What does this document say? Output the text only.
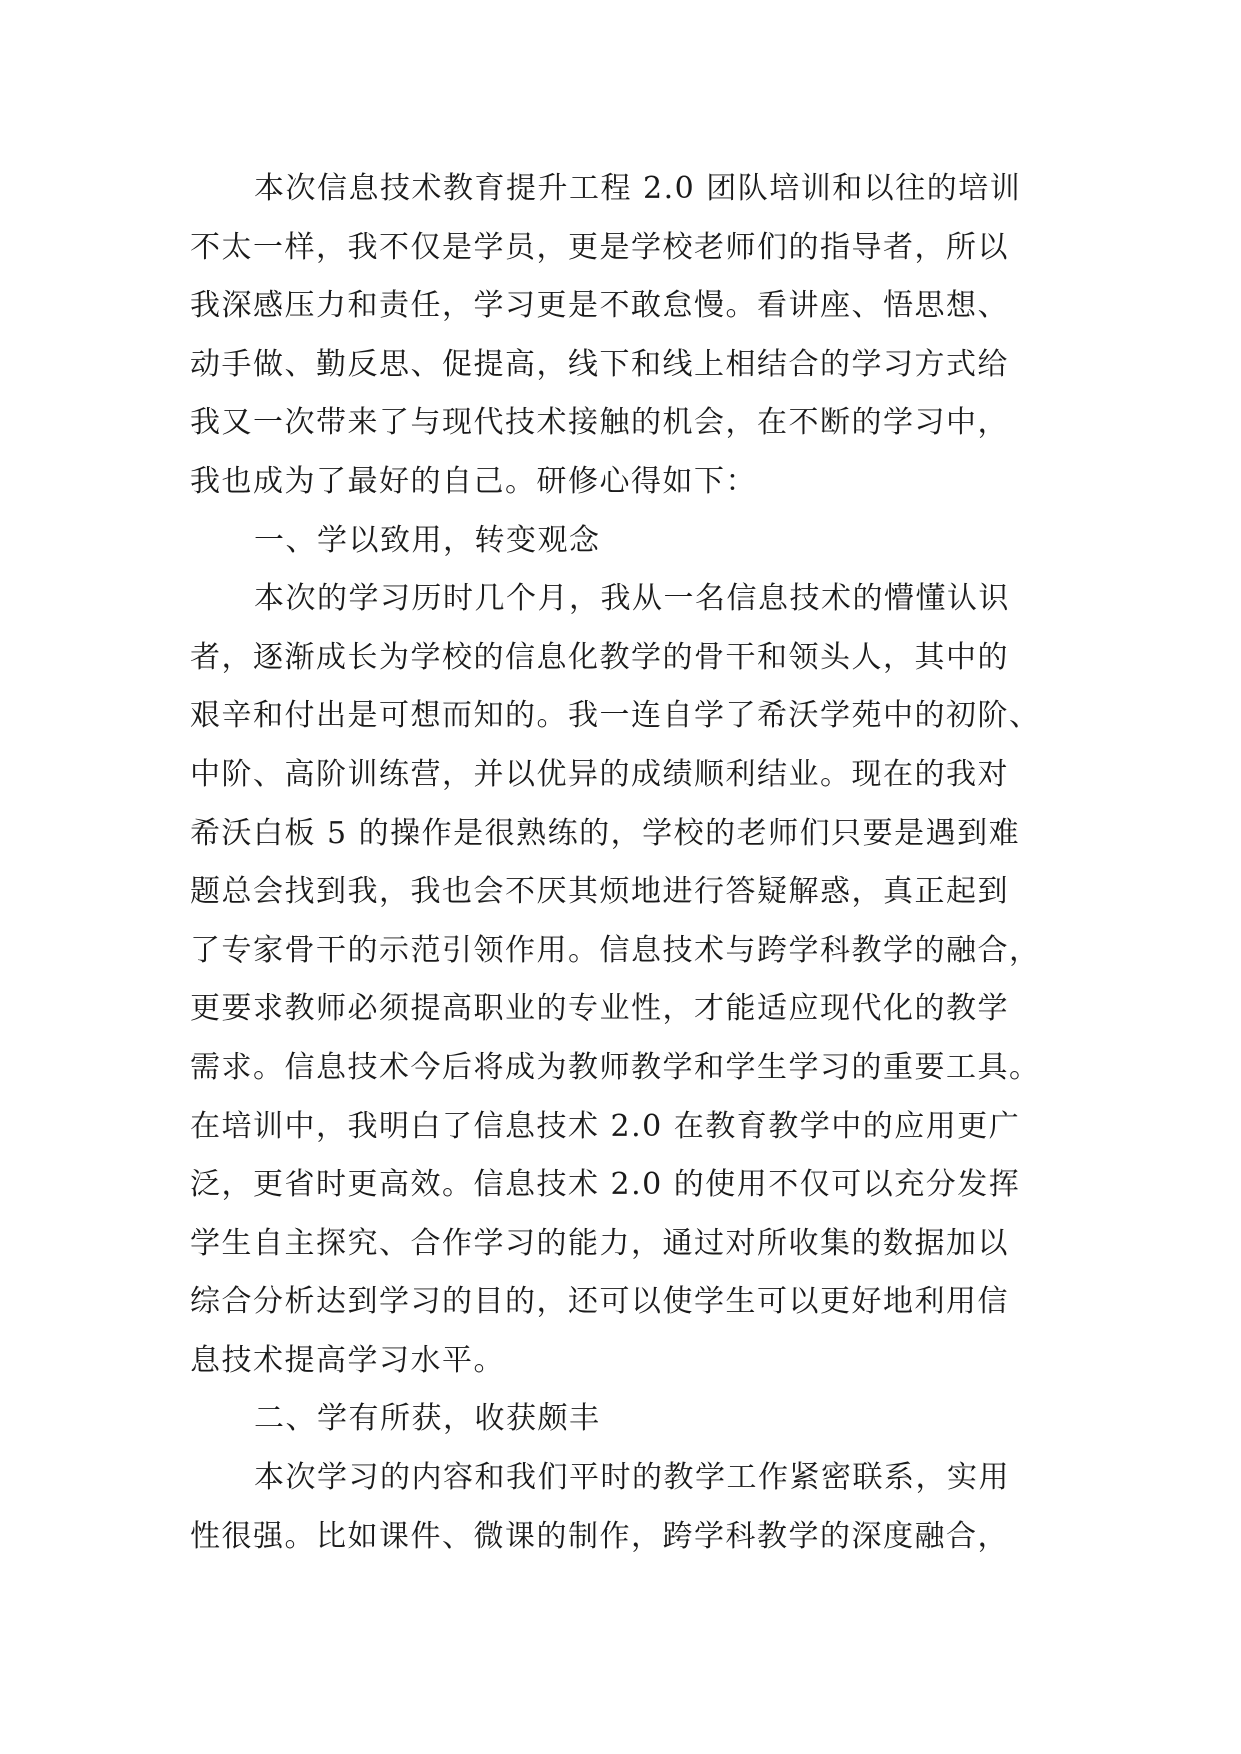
本次信息技术教育提升工程 2.0 团队培训和以往的培训
不太一样，我不仅是学员，更是学校老师们的指导者，所以
我深感压力和责任，学习更是不敢怠慢。看讲座、悟思想、
动手做、勤反思、促提高，线下和线上相结合的学习方式给
我又一次带来了与现代技术接触的机会，在不断的学习中，
我也成为了最好的自己。研修心得如下：
一、学以致用，转变观念
本次的学习历时几个月，我从一名信息技术的懵懂认识
者，逐渐成长为学校的信息化教学的骨干和领头人，其中的
艰辛和付出是可想而知的。我一连自学了希沃学苑中的初阶、
中阶、高阶训练营，并以优异的成绩顺利结业。现在的我对
希沃白板 5 的操作是很熟练的，学校的老师们只要是遇到难
题总会找到我，我也会不厌其烦地进行答疑解惑，真正起到
了专家骨干的示范引领作用。信息技术与跨学科教学的融合，
更要求教师必须提高职业的专业性，才能适应现代化的教学
需求。信息技术今后将成为教师教学和学生学习的重要工具。
在培训中，我明白了信息技术 2.0 在教育教学中的应用更广
泛，更省时更高效。信息技术 2.0 的使用不仅可以充分发挥
学生自主探究、合作学习的能力，通过对所收集的数据加以
综合分析达到学习的目的，还可以使学生可以更好地利用信
息技术提高学习水平。
二、学有所获，收获颇丰
本次学习的内容和我们平时的教学工作紧密联系，实用
性很强。比如课件、微课的制作，跨学科教学的深度融合，
